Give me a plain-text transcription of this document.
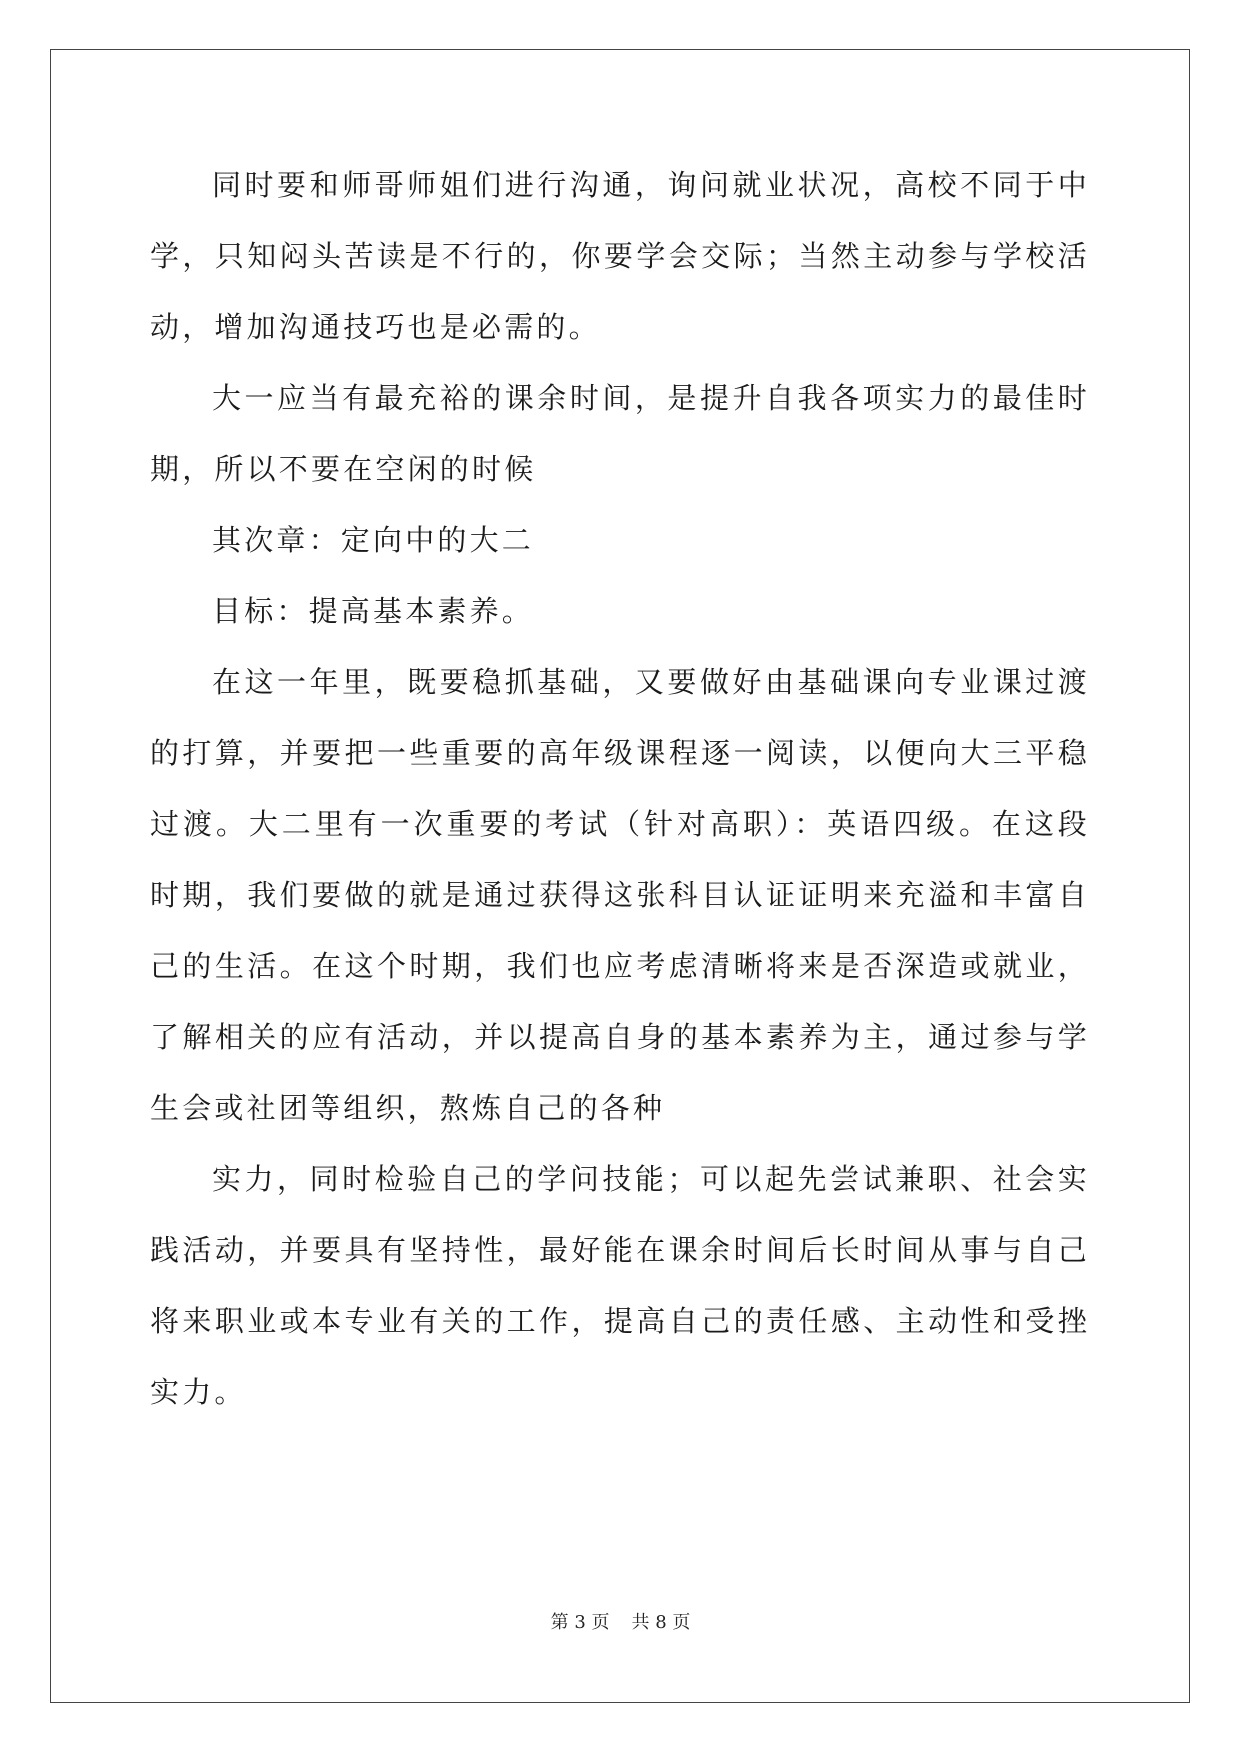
同时要和师哥师姐们进行沟通，询问就业状况，高校不同于中学，只知闷头苦读是不行的，你要学会交际；当然主动参与学校活动，增加沟通技巧也是必需的。

大一应当有最充裕的课余时间，是提升自我各项实力的最佳时期，所以不要在空闲的时候

其次章：定向中的大二

目标：提高基本素养。

在这一年里，既要稳抓基础，又要做好由基础课向专业课过渡的打算，并要把一些重要的高年级课程逐一阅读，以便向大三平稳过渡。大二里有一次重要的考试（针对高职）：英语四级。在这段时期，我们要做的就是通过获得这张科目认证证明来充溢和丰富自己的生活。在这个时期，我们也应考虑清晰将来是否深造或就业，了解相关的应有活动，并以提高自身的基本素养为主，通过参与学生会或社团等组织，熬炼自己的各种

实力，同时检验自己的学问技能；可以起先尝试兼职、社会实践活动，并要具有坚持性，最好能在课余时间后长时间从事与自己将来职业或本专业有关的工作，提高自己的责任感、主动性和受挫实力。

第 3 页 共 8 页
